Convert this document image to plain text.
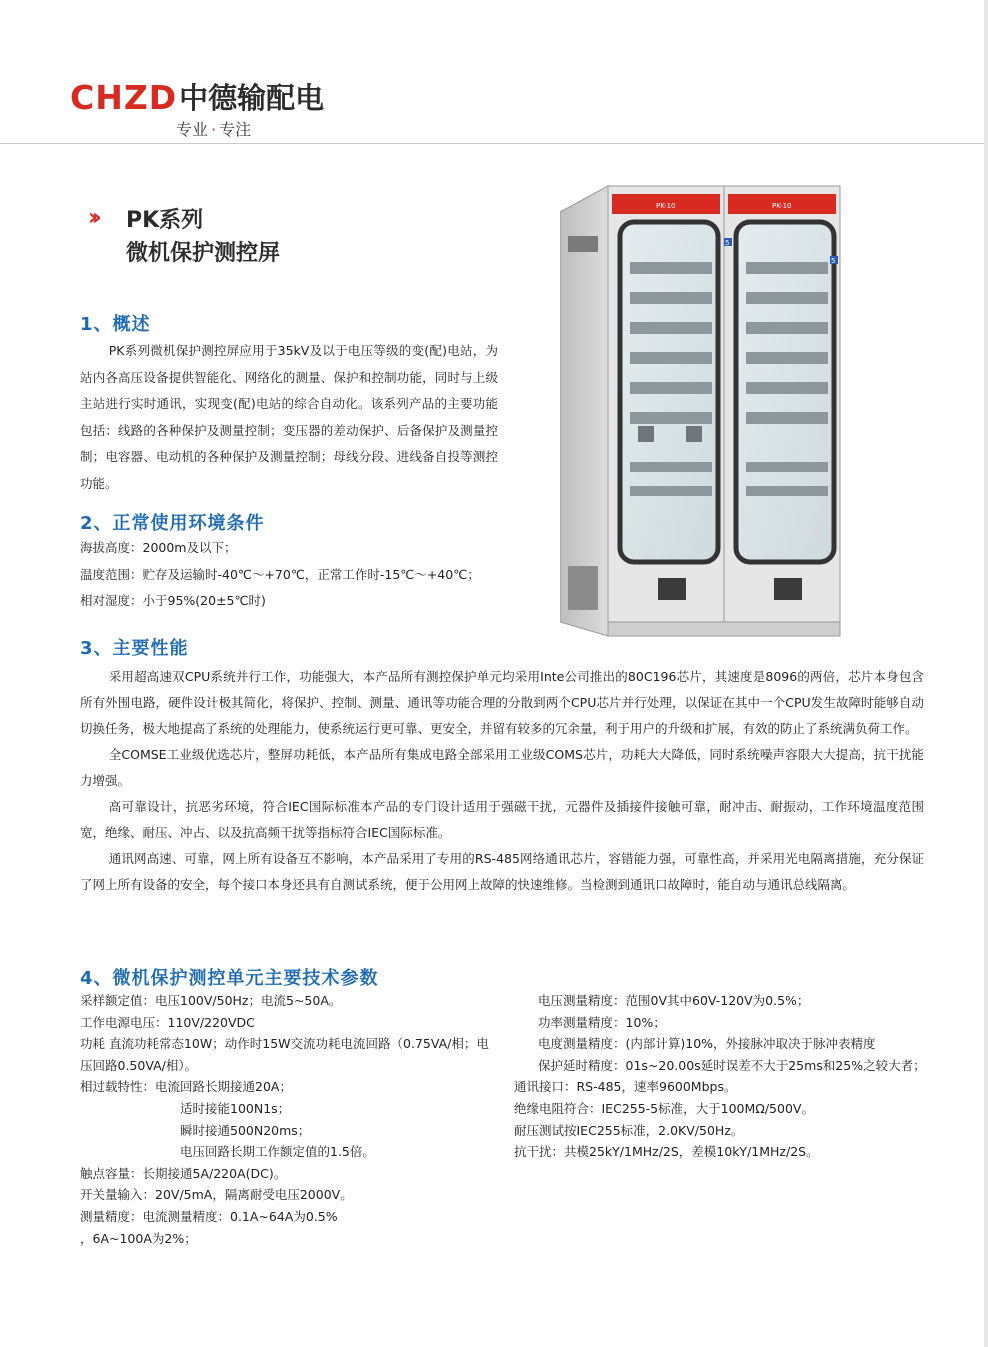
CHZD 中德输配电
专业 · 专注
›› PK系列
微机保护测控屏
PK-10	PK-10
5
5
1、概述
PK系列微机保护测控屏应用于35kV及以于电压等级的变(配)电站，为站内各高压设备提供智能化、网络化的测量、保护和控制功能，同时与上级主站进行实时通讯，实现变(配)电站的综合自动化。该系列产品的主要功能包括：线路的各种保护及测量控制；变压器的差动保护、后备保护及测量控制；电容器、电动机的各种保护及测量控制；母线分段、进线备自投等测控功能。
2、正常使用环境条件
海拔高度：2000m及以下；
温度范围：贮存及运输时-40℃～+70℃，正常工作时-15℃～+40℃；
相对湿度：小于95%(20±5℃时)
3、主要性能
采用超高速双CPU系统并行工作，功能强大，本产品所有测控保护单元均采用Inte公司推出的80C196芯片，其速度是8096的两倍，芯片本身包含所有外围电路，硬件设计极其简化，将保护、控制、测量、通讯等功能合理的分散到两个CPU芯片并行处理，以保证在其中一个CPU发生故障时能够自动切换任务，极大地提高了系统的处理能力，使系统运行更可靠、更安全，并留有较多的冗余量，利于用户的升级和扩展，有效的防止了系统满负荷工作。
全COMSE工业级优选芯片，整屏功耗低，本产品所有集成电路全部采用工业级COMS芯片，功耗大大降低，同时系统噪声容限大大提高，抗干扰能力增强。
高可靠设计，抗恶劣环境，符合IEC国际标准本产品的专门设计适用于强磁干扰，元器件及插接件接触可靠，耐冲击、耐振动，工作环境温度范围宽，绝缘、耐压、冲占、以及抗高频干扰等指标符合IEC国际标准。
通讯网高速、可靠，网上所有设备互不影响，本产品采用了专用的RS-485网络通讯芯片，容错能力强，可靠性高，并采用光电隔离措施，充分保证了网上所有设备的安全，每个接口本身还具有自测试系统，便于公用网上故障的快速维修。当检测到通讯口故障时，能自动与通讯总线隔离。
4、微机保护测控单元主要技术参数
采样额定值：电压100V/50Hz；电流5~50A。
工作电源电压：110V/220VDC
功耗 直流功耗常态10W；动作时15W交流功耗电流回路（0.75VA/相；电压回路0.50VA/相）。
相过载特性：电流回路长期接通20A；
适时接能100N1s；
瞬时接通500N20ms；
电压回路长期工作额定值的1.5倍。
触点容量：长期接通5A/220A(DC)。
开关量输入：20V/5mA，隔离耐受电压2000V。
测量精度：电流测量精度：0.1A~64A为0.5%
，6A~100A为2%；
电压测量精度：范围0V其中60V-120V为0.5%；
功率测量精度：10%；
电度测量精度：(内部计算)10%，外接脉冲取决于脉冲表精度
保护延时精度：01s~20.00s延时误差不大于25ms和25%之较大者；
通讯接口：RS-485，速率9600Mbps。
绝缘电阻符合：IEC255-5标准，大于100MΩ/500V。
耐压测试按IEC255标准，2.0KV/50Hz。
抗干扰：共模25kY/1MHz/2S，差模10kY/1MHz/2S。
